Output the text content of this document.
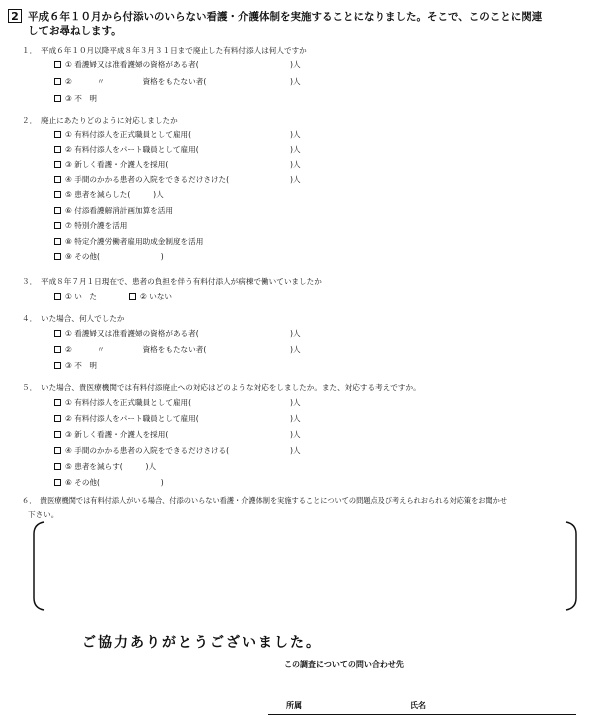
2 平成６年１０月から付添いのいらない看護・介護体制を実施することになりました。そこで、このことに関連
してお尋ねします。
１．　平成６年１０月以降平成８年３月３１日まで廃止した有料付添人は何人ですか
① 看護婦又は准看護婦の資格がある者(	)人
② 　　　〃　　　　　資格をもたない者(	)人
③ 不　明
２．　廃止にあたりどのように対応しましたか
① 有料付添人を正式職員として雇用(	)人
② 有料付添人をパート職員として雇用(	)人
③ 新しく看護・介護人を採用(	)人
④ 手間のかかる患者の入院をできるだけさけた(	)人
⑤ 患者を減らした(　　　)人
⑥ 付添看護解消計画加算を活用
⑦ 特別介護を活用
⑧ 特定介護労働者雇用助成金制度を活用
⑨ その他(　　　　　　　　)
３．　平成８年７月１日現在で、患者の負担を伴う有料付添人が病棟で働いていましたか
① い　た	② いない
４．　いた場合、何人でしたか
① 看護婦又は准看護婦の資格がある者(	)人
② 　　　〃　　　　　資格をもたない者(	)人
③ 不　明
５．　いた場合、貴医療機関では有料付添廃止への対応はどのような対応をしましたか。また、対応する考えですか。
① 有料付添人を正式職員として雇用(	)人
② 有料付添人をパート職員として雇用(	)人
③ 新しく看護・介護人を採用(	)人
④ 手間のかかる患者の入院をできるだけさける(	)人
⑤ 患者を減らす(　　　)人
⑥ その他(　　　　　　　　)
６．　貴医療機関では有料付添人がいる場合、付添のいらない看護・介護体制を実施することについての問題点及び考えられおられる対応策をお聞かせ
下さい。
ご協力ありがとうございました。
この調査についての問い合わせ先
所属	氏名
